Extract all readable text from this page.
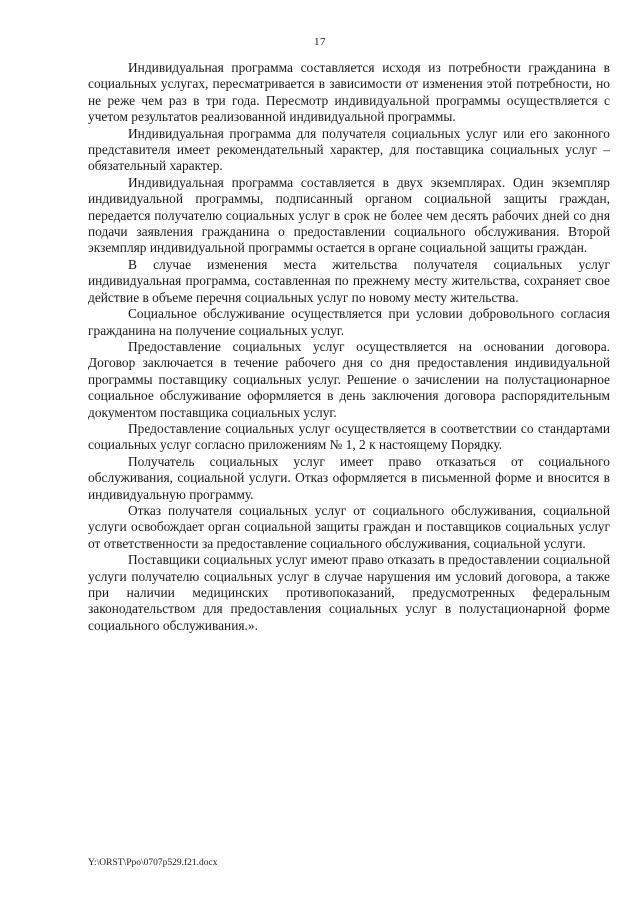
17

Индивидуальная программа составляется исходя из потребности гражданина в социальных услугах, пересматривается в зависимости от изменения этой потребности, но не реже чем раз в три года. Пересмотр индивидуальной программы осуществляется с учетом результатов реализованной индивидуальной программы.

Индивидуальная программа для получателя социальных услуг или его законного представителя имеет рекомендательный характер, для поставщика социальных услуг – обязательный характер.

Индивидуальная программа составляется в двух экземплярах. Один экземпляр индивидуальной программы, подписанный органом социальной защиты граждан, передается получателю социальных услуг в срок не более чем десять рабочих дней со дня подачи заявления гражданина о предоставлении социального обслуживания. Второй экземпляр индивидуальной программы остается в органе социальной защиты граждан.

В случае изменения места жительства получателя социальных услуг индивидуальная программа, составленная по прежнему месту жительства, сохраняет свое действие в объеме перечня социальных услуг по новому месту жительства.

Социальное обслуживание осуществляется при условии добровольного согласия гражданина на получение социальных услуг.

Предоставление социальных услуг осуществляется на основании договора. Договор заключается в течение рабочего дня со дня предоставления индивидуальной программы поставщику социальных услуг. Решение о зачислении на полустационарное социальное обслуживание оформляется в день заключения договора распорядительным документом поставщика социальных услуг.

Предоставление социальных услуг осуществляется в соответствии со стандартами социальных услуг согласно приложениям № 1, 2 к настоящему Порядку.

Получатель социальных услуг имеет право отказаться от социального обслуживания, социальной услуги. Отказ оформляется в письменной форме и вносится в индивидуальную программу.

Отказ получателя социальных услуг от социального обслуживания, социальной услуги освобождает орган социальной защиты граждан и поставщиков социальных услуг от ответственности за предоставление социального обслуживания, социальной услуги.

Поставщики социальных услуг имеют право отказать в предоставлении социальной услуги получателю социальных услуг в случае нарушения им условий договора, а также при наличии медицинских противопоказаний, предусмотренных федеральным законодательством для предоставления социальных услуг в полустационарной форме социального обслуживания.».

Y:\ORST\Ppo\0707p529.f21.docx
